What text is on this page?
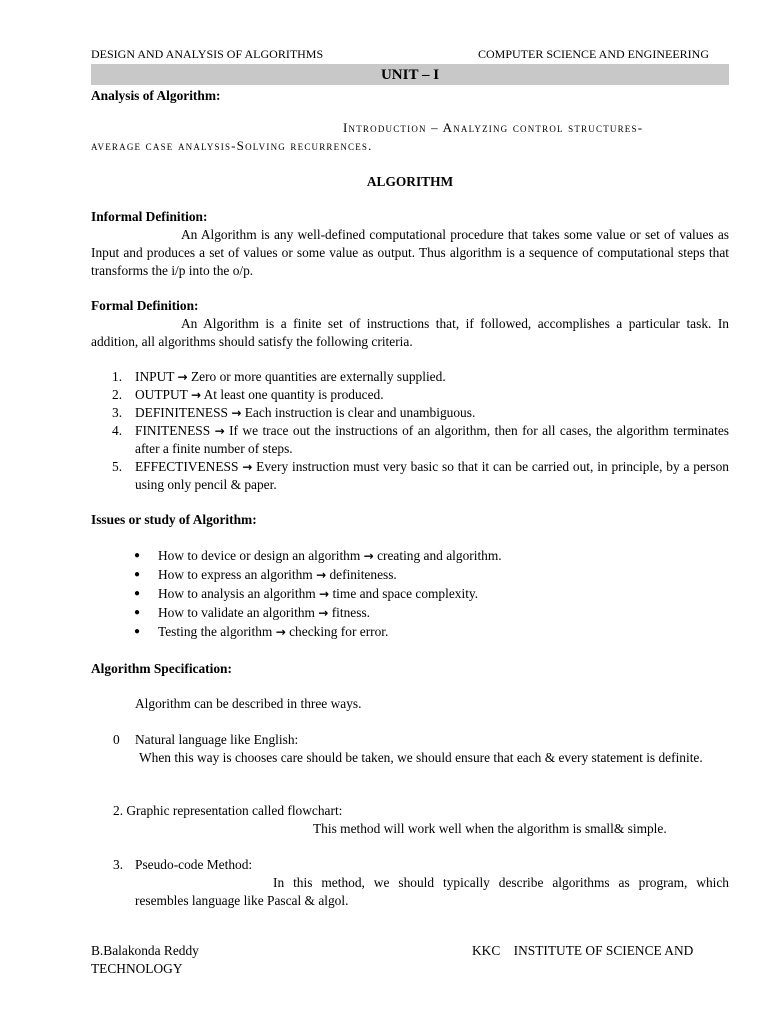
DESIGN AND ANALYSIS OF ALGORITHMS	COMPUTER SCIENCE AND ENGINEERING
UNIT – I
Analysis of Algorithm:
Introduction – Analyzing control structures-
average case analysis-Solving recurrences.
ALGORITHM
Informal Definition:
An Algorithm is any well-defined computational procedure that takes some value or set of values as Input and produces a set of values or some value as output. Thus algorithm is a sequence of computational steps that transforms the i/p into the o/p.
Formal Definition:
An Algorithm is a finite set of instructions that, if followed, accomplishes a particular task. In addition, all algorithms should satisfy the following criteria.
1. INPUT → Zero or more quantities are externally supplied.
2. OUTPUT → At least one quantity is produced.
3. DEFINITENESS → Each instruction is clear and unambiguous.
4. FINITENESS → If we trace out the instructions of an algorithm, then for all cases, the algorithm terminates after a finite number of steps.
5. EFFECTIVENESS → Every instruction must very basic so that it can be carried out, in principle, by a person using only pencil & paper.
Issues or study of Algorithm:
● How to device or design an algorithm → creating and algorithm.
● How to express an algorithm → definiteness.
● How to analysis an algorithm → time and space complexity.
● How to validate an algorithm → fitness.
● Testing the algorithm → checking for error.
Algorithm Specification:
Algorithm can be described in three ways.
0 Natural language like English:
When this way is chooses care should be taken, we should ensure that each & every statement is definite.
2. Graphic representation called flowchart:
This method will work well when the algorithm is small& simple.
3. Pseudo-code Method:
In this method, we should typically describe algorithms as program, which resembles language like Pascal & algol.
B.Balakonda Reddy	KKC    INSTITUTE OF SCIENCE AND
TECHNOLOGY
